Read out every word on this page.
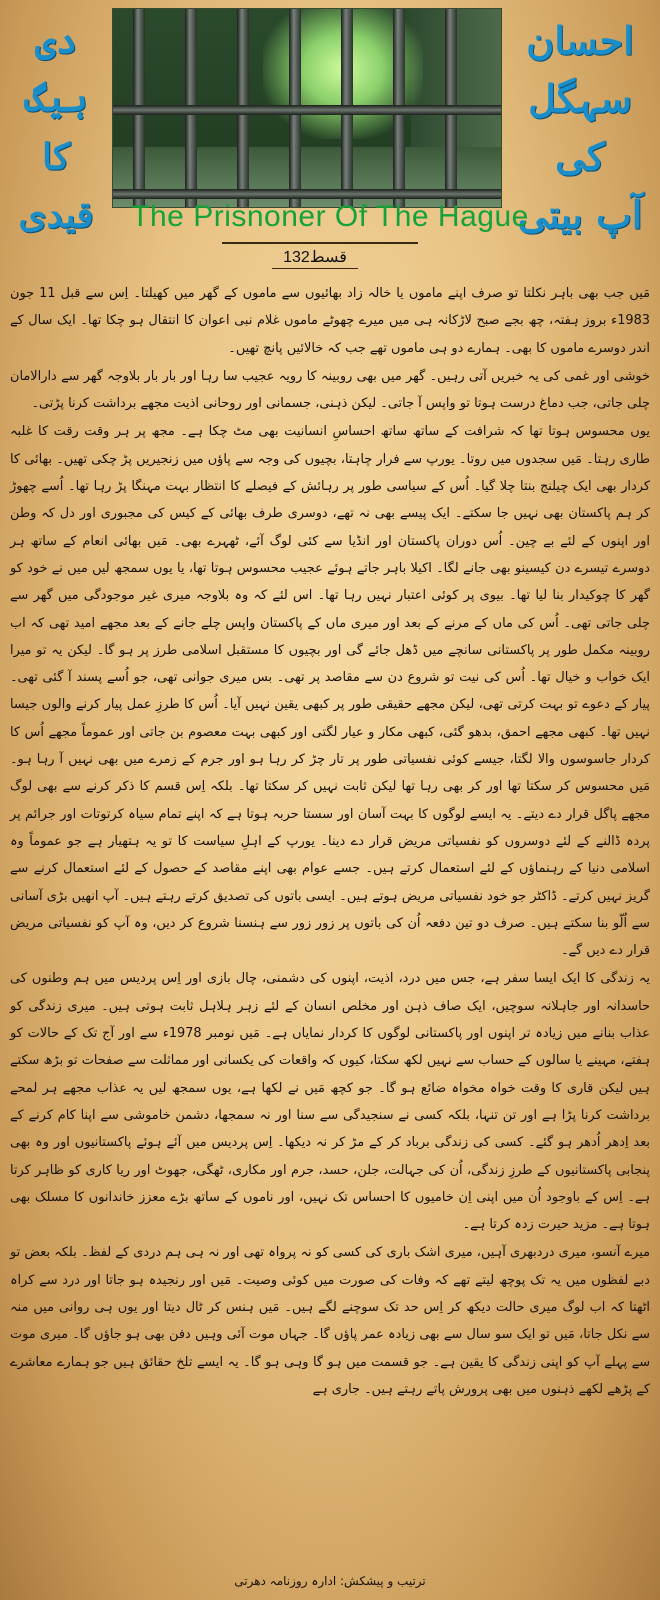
دی ہیگ
کا
قیدی
احسان سہگل
کی
آپ بیتی
The Prisnoner Of The Hague
قسط132

مَیں جب بھی باہر نکلتا تو صرف اپنے ماموں یا خالہ زاد بھائیوں سے ماموں کے گھر میں کھیلتا۔ اِس سے قبل 11 جون 1983ء بروز ہفتہ، چھ بجے صبح لاڑکانہ ہی میں میرے چھوٹے ماموں غلام نبی اعوان کا انتقال ہو چکا تھا۔ ایک سال کے اندر دوسرے ماموں کا بھی۔ ہمارے دو ہی ماموں تھے جب کہ خالائیں پانچ تھیں۔

خوشی اور غمی کی یہ خبریں آتی رہیں۔ گھر میں بھی روبینہ کا رویہ عجیب سا رہا اور بار بار بلاوجہ گھر سے دارالامان چلی جاتی، جب دماغ درست ہوتا تو واپس آ جاتی۔ لیکن ذہنی، جسمانی اور روحانی اذیت مجھے برداشت کرنا پڑتی۔

یوں محسوس ہوتا تھا کہ شرافت کے ساتھ ساتھ احساسِ انسانیت بھی مٹ چکا ہے۔ مجھ پر ہر وقت رقت کا غلبہ طاری رہتا۔ مَیں سجدوں میں روتا۔ یورپ سے فرار چاہتا، بچیوں کی وجہ سے پاؤں میں زنجیریں پڑ چکی تھیں۔ بھائی کا کردار بھی ایک چیلنج بنتا چلا گیا۔ اُس کے سیاسی طور پر رہائش کے فیصلے کا انتظار بہت مہنگا پڑ رہا تھا۔ اُسے چھوڑ کر ہم پاکستان بھی نہیں جا سکتے۔ ایک پیسے بھی نہ تھے، دوسری طرف بھائی کے کیس کی مجبوری اور دل کہ وطن اور اپنوں کے لئے بے چین۔ اُس دوران پاکستان اور انڈیا سے کئی لوگ آئے، ٹھہرے بھی۔ مَیں بھائی انعام کے ساتھ ہر دوسرے تیسرے دن کیسینو بھی جانے لگا۔ اکیلا باہر جاتے ہوئے عجیب محسوس ہوتا تھا، یا یوں سمجھ لیں میں نے خود کو گھر کا چوکیدار بنا لیا تھا۔ بیوی پر کوئی اعتبار نہیں رہا تھا۔ اس لئے کہ وہ بلاوجہ میری غیر موجودگی میں گھر سے چلی جاتی تھی۔ اُس کی ماں کے مرنے کے بعد اور میری ماں کے پاکستان واپس چلے جانے کے بعد مجھے امید تھی کہ اب روبینہ مکمل طور پر پاکستانی سانچے میں ڈھل جائے گی اور بچیوں کا مستقبل اسلامی طرز پر ہو گا۔ لیکن یہ تو میرا ایک خواب و خیال تھا۔ اُس کی نیت تو شروع دن سے مقاصد پر تھی۔ بس میری جوانی تھی، جو اُسے پسند آ گئی تھی۔ پیار کے دعوے تو بہت کرتی تھی، لیکن مجھے حقیقی طور پر کبھی یقین نہیں آیا۔ اُس کا طرزِ عمل پیار کرنے والوں جیسا نہیں تھا۔ کبھی مجھے احمق، بدھو گئی، کبھی مکار و عیار لگتی اور کبھی بہت معصوم بن جاتی اور عموماً مجھے اُس کا کردار جاسوسوں والا لگتا، جیسے کوئی نفسیاتی طور پر تار چڑ کر رہا ہو اور جرم کے زمرے میں بھی نہیں آ رہا ہو۔ مَیں محسوس کر سکتا تھا اور کر بھی رہا تھا لیکن ثابت نہیں کر سکتا تھا۔ بلکہ اِس قسم کا ذکر کرنے سے بھی لوگ مجھے پاگل قرار دے دیتے۔ یہ ایسے لوگوں کا بہت آسان اور سستا حربہ ہوتا ہے کہ اپنے تمام سیاہ کرتوتات اور جرائم پر پردہ ڈالنے کے لئے دوسروں کو نفسیاتی مریض قرار دے دینا۔ یورپ کے اہلِ سیاست کا تو یہ ہتھیار ہے جو عموماً وہ اسلامی دنیا کے رہنماؤں کے لئے استعمال کرتے ہیں۔ جسے عوام بھی اپنے مقاصد کے حصول کے لئے استعمال کرنے سے گریز نہیں کرتے۔ ڈاکٹر جو خود نفسیاتی مریض ہوتے ہیں۔ ایسی باتوں کی تصدیق کرتے رہتے ہیں۔ آپ انھیں بڑی آسانی سے اُلّو بنا سکتے ہیں۔ صرف دو تین دفعہ اُن کی باتوں پر زور زور سے ہنسنا شروع کر دیں، وہ آپ کو نفسیاتی مریض قرار دے دیں گے۔

یہ زندگی کا ایک ایسا سفر ہے، جس میں درد، اذیت، اپنوں کی دشمنی، چال بازی اور اِس پردیس میں ہم وطنوں کی حاسدانہ اور جاہلانہ سوچیں، ایک صاف ذہن اور مخلص انسان کے لئے زہر ہلاہل ثابت ہوتی ہیں۔ میری زندگی کو عذاب بنانے میں زیادہ تر اپنوں اور پاکستانی لوگوں کا کردار نمایاں ہے۔ مَیں نومبر 1978ء سے اور آج تک کے حالات کو ہفتے، مہینے یا سالوں کے حساب سے نہیں لکھ سکتا، کیوں کہ واقعات کی یکسانی اور مماثلت سے صفحات تو بڑھ سکتے ہیں لیکن قاری کا وقت خواہ مخواہ ضائع ہو گا۔ جو کچھ مَیں نے لکھا ہے، یوں سمجھ لیں یہ عذاب مجھے ہر لمحے برداشت کرنا پڑا ہے اور تن تنہا، بلکہ کسی نے سنجیدگی سے سنا اور نہ سمجھا، دشمن خاموشی سے اپنا کام کرنے کے بعد اِدھر اُدھر ہو گئے۔ کسی کی زندگی برباد کر کے مڑ کر نہ دیکھا۔ اِس پردیس میں آئے ہوئے پاکستانیوں اور وہ بھی پنجابی پاکستانیوں کے طرزِ زندگی، اُن کی جہالت، جلن، حسد، جرم اور مکاری، ٹھگی، جھوٹ اور ریا کاری کو ظاہر کرتا ہے۔ اِس کے باوجود اُن میں اپنی اِن خامیوں کا احساس تک نہیں، اور ناموں کے ساتھ بڑے معزز خاندانوں کا مسلک بھی ہوتا ہے۔ مزید حیرت زدہ کرتا ہے۔

میرے آنسو، میری دردبھری آہیں، میری اشک باری کی کسی کو نہ پرواہ تھی اور نہ ہی ہم دردی کے لفظ۔ بلکہ بعض تو دبے لفظوں میں یہ تک پوچھ لیتے تھے کہ وفات کی صورت میں کوئی وصیت۔ مَیں اور رنجیدہ ہو جاتا اور درد سے کراہ اٹھتا کہ اب لوگ میری حالت دیکھ کر اِس حد تک سوچنے لگے ہیں۔ مَیں ہنس کر ٹال دیتا اور یوں ہی روانی میں منہ سے نکل جاتا، مَیں تو ایک سو سال سے بھی زیادہ عمر پاؤں گا۔ جہاں موت آئی وہیں دفن بھی ہو جاؤں گا۔ میری موت سے پہلے آپ کو اپنی زندگی کا یقین ہے۔ جو قسمت میں ہو گا وہی ہو گا۔ یہ ایسے تلخ حقائق ہیں جو ہمارے معاشرے کے پڑھے لکھے ذہنوں میں بھی پرورش پاتے رہتے ہیں۔ جاری ہے

ترتیب و پیشکش: ادارہ روزنامہ دھرتی
